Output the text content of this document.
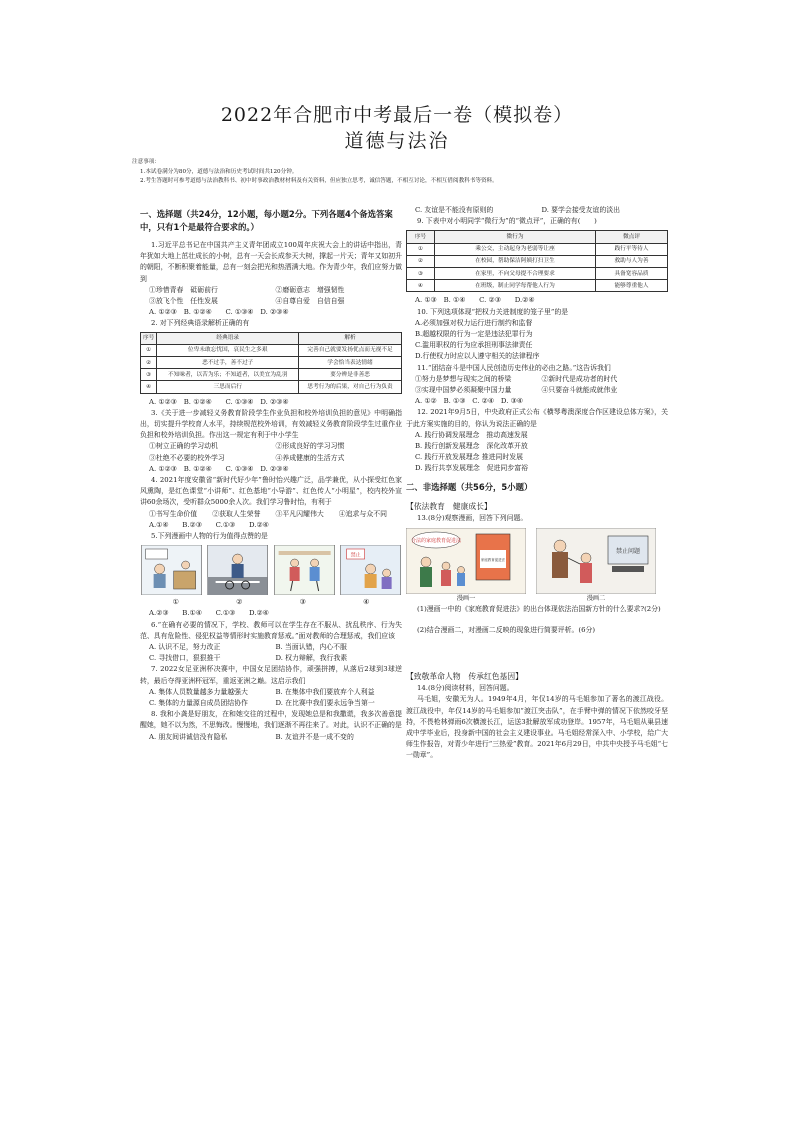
2022年合肥市中考最后一卷（模拟卷）
道德与法治
注意事项：
1.本试卷满分为80分，道德与法治和历史考试时间共120分钟。
2.考生答题时可参考道德与法治教科书、初中时事政治教材材料及有关资料，但应独立思考，诚信答题，不相互讨论，不相互借阅教科书等资料。
一、选择题（共24分，12小题，每小题2分。下列各题4个备选答案中，只有1个是最符合要求的。）
1.习近平总书记在中国共产主义青年团成立100周年庆祝大会上的讲话中指出，青年犹如大地上茁壮成长的小树，总有一天会长成参天大树，撑起一片天；青年又如初升的朝阳，不断积聚着能量，总有一刻会把光和热洒满大地。作为青少年，我们应努力做到
①珍惜青春　砥砺前行	②磨砺意志　增强韧性
③放飞个性　任性发展	④自尊自爱　自信自强
A. ①②③　B. ①②④　　C. ①③④　D. ②③④
2. 对下列经典语录解析正确的有
序号	经典语录	解析
①	位卑未敢忘忧国，哀民生之多艰	完善自己就要发扬优点而无视不足
②	恶不过手，善不过子	学会恰当表达情绪
③	不知味者，以苦为乐；不知道者，以美宜为乱羽	要分辨是非善恶
④	三思而后行	思考行为的后果，对自己行为负责
A. ①②③　B. ①②④　　C. ①③④　D. ②③④
3.《关于进一步减轻义务教育阶段学生作业负担和校外培训负担的意见》中明确指出，切实提升学校育人水平，持续规范校外培训，有效减轻义务教育阶段学生过重作业负担和校外培训负担。作出这一规定有利于中小学生
①树立正确的学习动机	②形成良好的学习习惯
③杜绝不必要的校外学习	④养成健康的生活方式
A. ①②③　B. ①②④　　C. ①③④　D. ②③④
4. 2021年度安徽省“新时代好少年”鲁时怡兴趣广泛，品学兼优，从小探受红色家风熏陶，是红色课堂“小讲师”、红色基地“小导游”、红色传人“小明星”，校内校外宣讲60余场次，受听群众5000余人次。我们学习鲁时怡，有利于
①书写生命价值	②获取人生荣誉	③平凡闪耀伟大	④追求与众不同
A.①④　　B.②③　　C.①③　　D.②④
5.下列漫画中人物的行为值得点赞的是
禁止
①	②	③	④
A.②③　　B.①④　　C.①③　　D.②④
6.“在确有必要的情况下，学校、教师可以在学生存在不服从、扰乱秩序、行为失范、具有危险性、侵犯权益等情形时实施教育惩戒。”面对教师的合理惩戒，我们应该
A. 认识不足，努力改正	B. 当面认错，内心不服
C. 寻找借口，狠狠推干	D. 权力辩解，我行我素
7. 2022女足亚洲杯决赛中，中国女足团结协作，顽强拼搏，从落后2球到3球逆转，最后夺得亚洲杯冠军，重返亚洲之巅。这启示我们
A. 集体人员数量越多力量越强大	B. 在集体中我们要放弃个人利益
C. 集体的力量源自成员团结协作	D. 在比赛中我们要永远争当第一
8. 我和小龚是好朋友，在和她交往的过程中，发现她总是和我撒谎，我多次善意提醒她，她不以为然，不思悔改。慢慢地，我们逐渐不再往来了。对此，认识不正确的是
A. 朋友间讲诚信没有隐私	B. 友谊并不是一成不变的
C. 友谊是不能没有原则的	D. 要学会接受友谊的淡出
9. 下表中对小明同学“微行为”的“微点评”，正确的有(　　)
序号	微行为	微点评
①	乘公交，主动起身为老弱等让座	践行平等待人
②	在校园，帮助保洁阿姨打扫卫生	救助与人为善
③	在家里，不向父母提不合理要求	具备宽容品质
④	在班级，制止同学每帮他人行为	能够尊重他人
A. ①③　B. ①④　　C. ②③　　D.②④
10. 下列选项体现“把权力关进制度的笼子里”的是
A.必须加强对权力运行进行制约和监督
B.超越权限的行为一定是违法犯罪行为
C.滥用职权的行为应承担刑事法律责任
D.行使权力时应以人遵守相关的法律程序
11.“团结奋斗是中国人民创造历史伟业的必由之路。”这告诉我们
①努力是梦想与现实之间的桥梁	②新时代是成功者的时代
③实现中国梦必须凝聚中国力量	④只要奋斗就能成就伟业
A. ①②　B. ①③　C. ②④　D. ③④
12. 2021年9月5日，中央政府正式公布《横琴粤澳深度合作区建设总体方案》，关于此方案实施的目的，你认为说法正确的是
A. 践行协调发展理念　推动高速发展
B. 践行创新发展理念　深化改革开放
C. 践行开放发展理念 推进同时发展
D. 践行共享发展理念　促进同步富裕
二、非选择题（共56分，5小题）
【依法教育　健康成长】
13.(8分)观察漫画，回答下列问题。
合法的家庭教育促进法
家庭教育促进法
漫画一
禁止问题
漫画二
(1)漫画一中的《家庭教育促进法》的出台体现依法治国新方针的什么要求?(2分)
(2)结合漫画二，对漫画二反映的现象进行简要评析。(6分)
【致敬革命人物　传承红色基因】
14.(8分)阅读材料，回答问题。
马毛姐，安徽无为人。1949年4月，年仅14岁的马毛姐参加了著名的渡江战役。渡江战役中，年仅14岁的马毛姐参加“渡江突击队”，在手臂中弹的情况下依然咬牙坚持，不畏枪林弹雨6次横渡长江，运送3批解放军成功登岸。1957年，马毛姐从巢县速成中学毕业后，投身新中国的社会主义建设事业。马毛姐经常深入中、小学校，给广大师生作报告，对青少年进行“三热爱”教育。2021年6月29日，中共中央授予马毛姐“七一勋章”。
